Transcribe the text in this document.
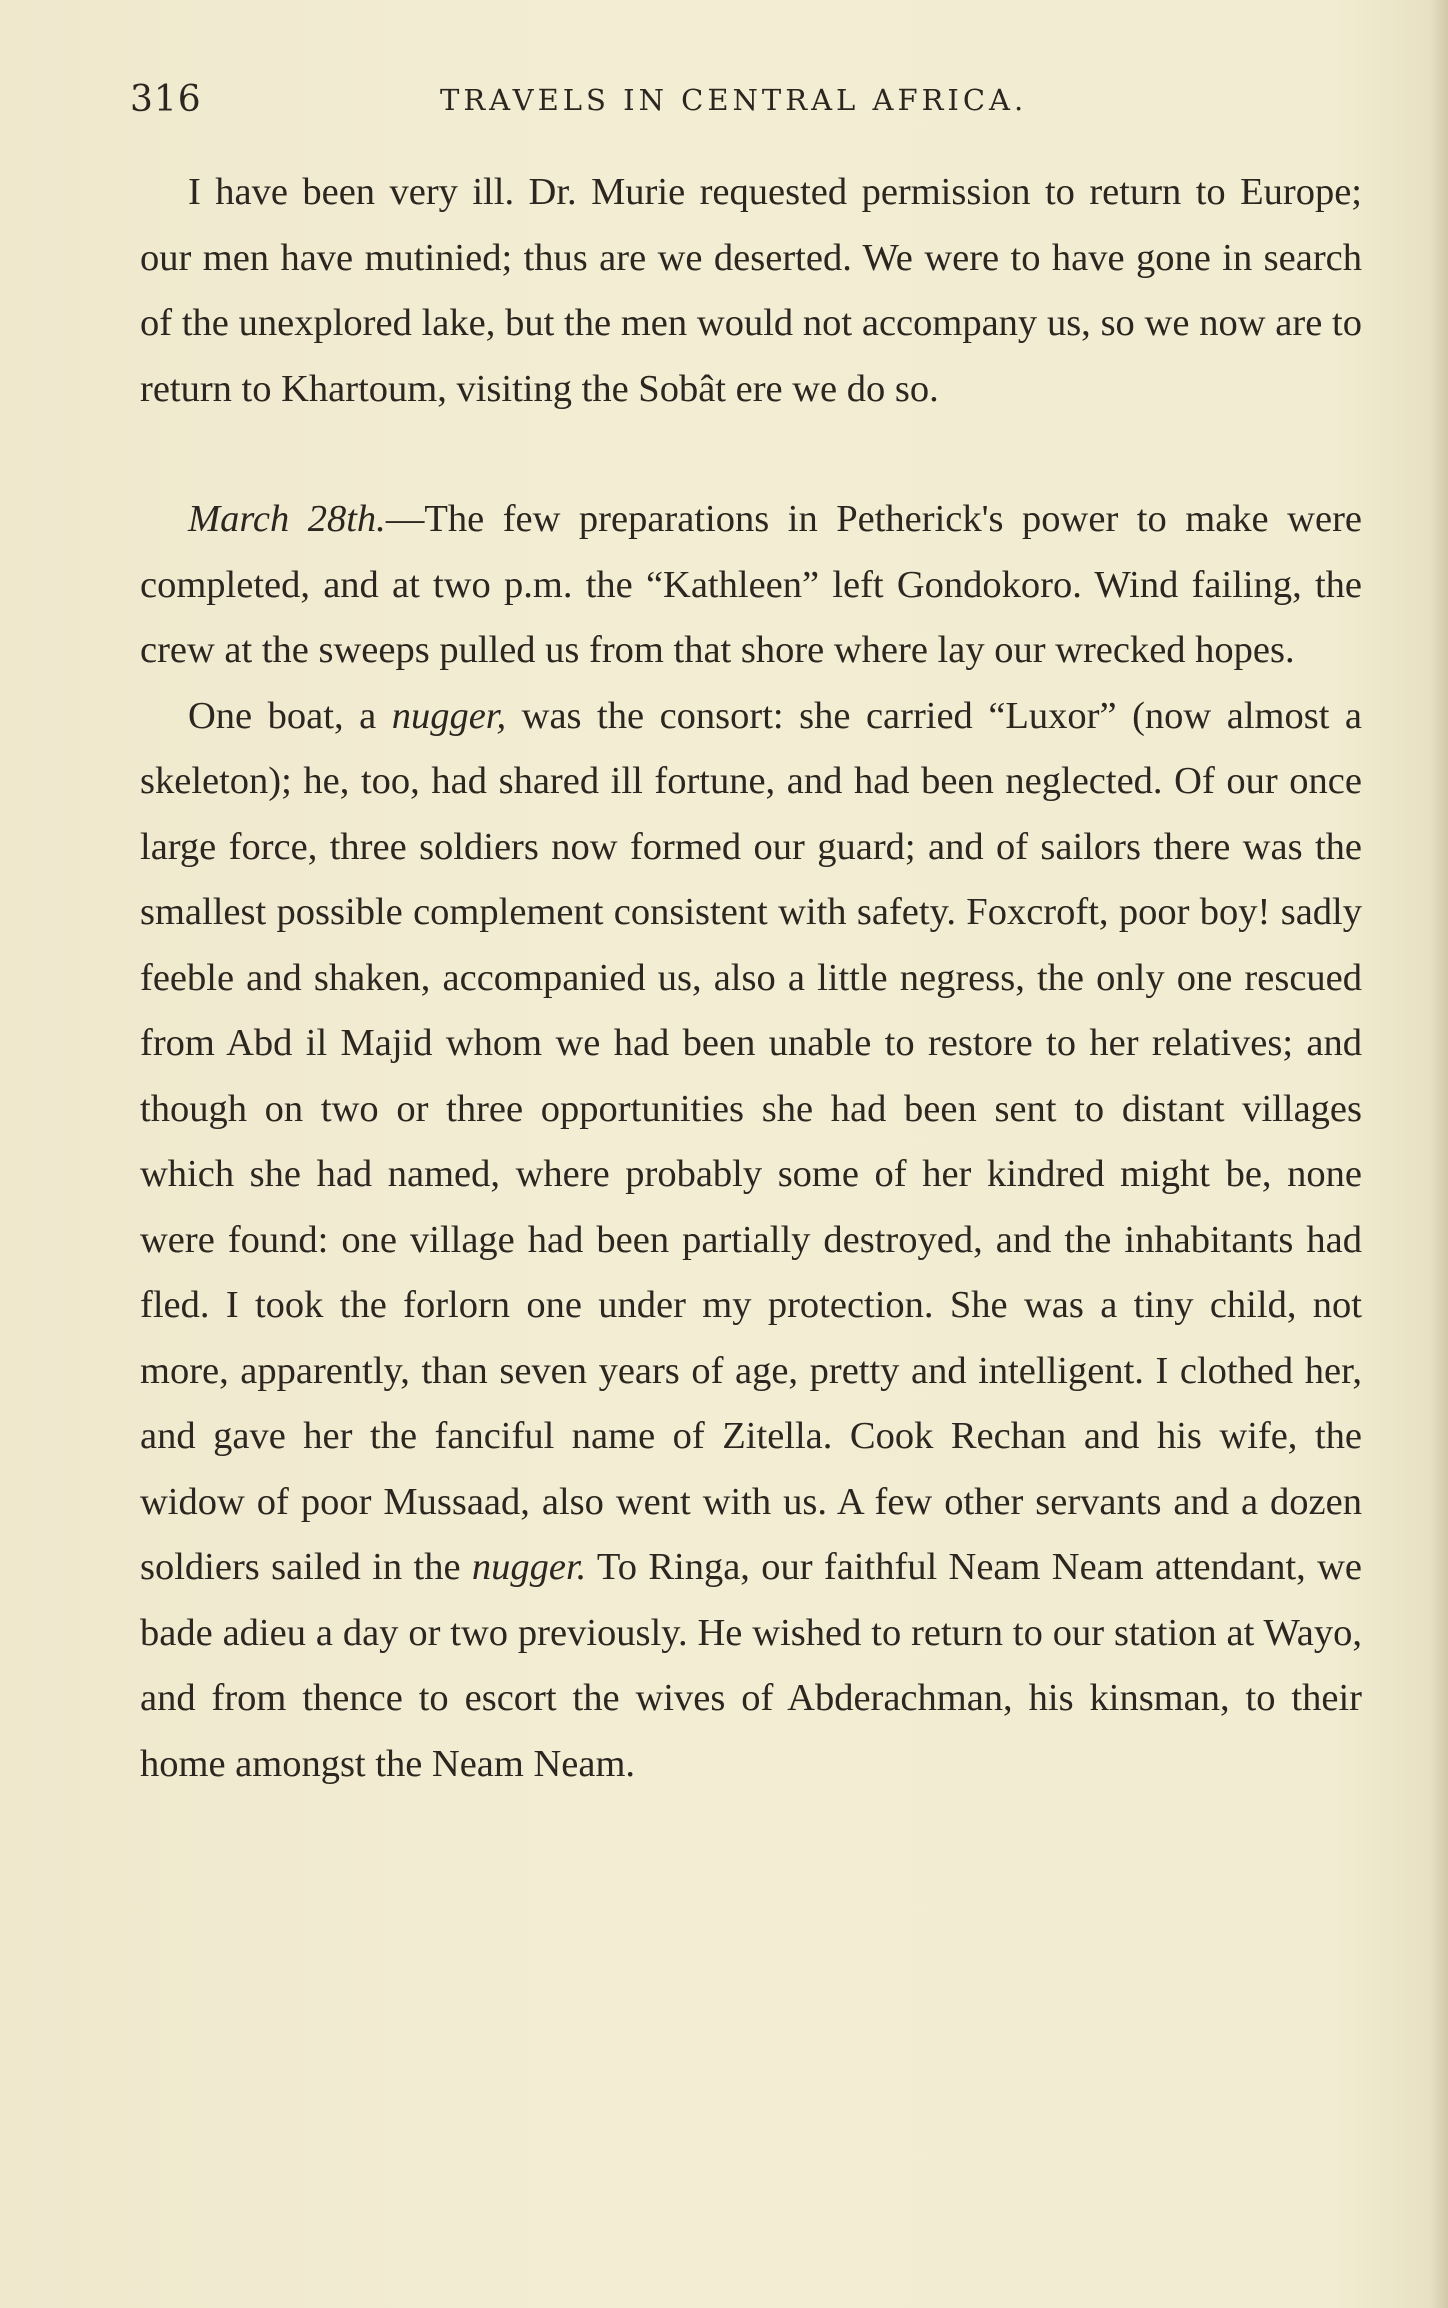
316	TRAVELS IN CENTRAL AFRICA.

I have been very ill. Dr. Murie requested permission to return to Europe; our men have mutinied; thus are we deserted. We were to have gone in search of the unexplored lake, but the men would not accompany us, so we now are to return to Khartoum, visiting the Sobât ere we do so.

March 28th.—The few preparations in Petherick's power to make were completed, and at two p.m. the “Kathleen” left Gondokoro. Wind failing, the crew at the sweeps pulled us from that shore where lay our wrecked hopes.

One boat, a nugger, was the consort: she carried “Luxor” (now almost a skeleton); he, too, had shared ill fortune, and had been neglected. Of our once large force, three soldiers now formed our guard; and of sailors there was the smallest possible complement consistent with safety. Foxcroft, poor boy! sadly feeble and shaken, accompanied us, also a little negress, the only one rescued from Abd il Majid whom we had been unable to restore to her relatives; and though on two or three opportunities she had been sent to distant villages which she had named, where probably some of her kindred might be, none were found: one village had been partially destroyed, and the inhabitants had fled. I took the forlorn one under my protection. She was a tiny child, not more, apparently, than seven years of age, pretty and intelligent. I clothed her, and gave her the fanciful name of Zitella. Cook Rechan and his wife, the widow of poor Mussaad, also went with us. A few other servants and a dozen soldiers sailed in the nugger. To Ringa, our faithful Neam Neam attendant, we bade adieu a day or two previously. He wished to return to our station at Wayo, and from thence to escort the wives of Abderachman, his kinsman, to their home amongst the Neam Neam.
